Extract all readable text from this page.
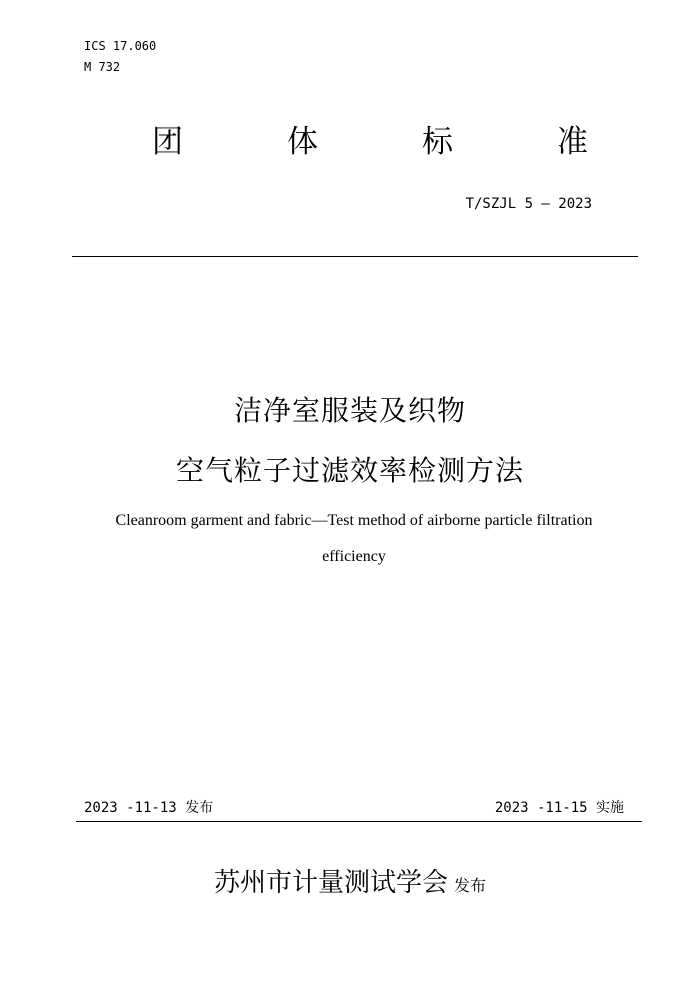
ICS 17.060
M 732
团	体	标	准
T/SZJL 5 – 2023
洁净室服装及织物
空气粒子过滤效率检测方法
Cleanroom garment and fabric—Test method of airborne particle filtration
efficiency
2023 -11-13 发布	2023 -11-15 实施
苏州市计量测试学会 发布
